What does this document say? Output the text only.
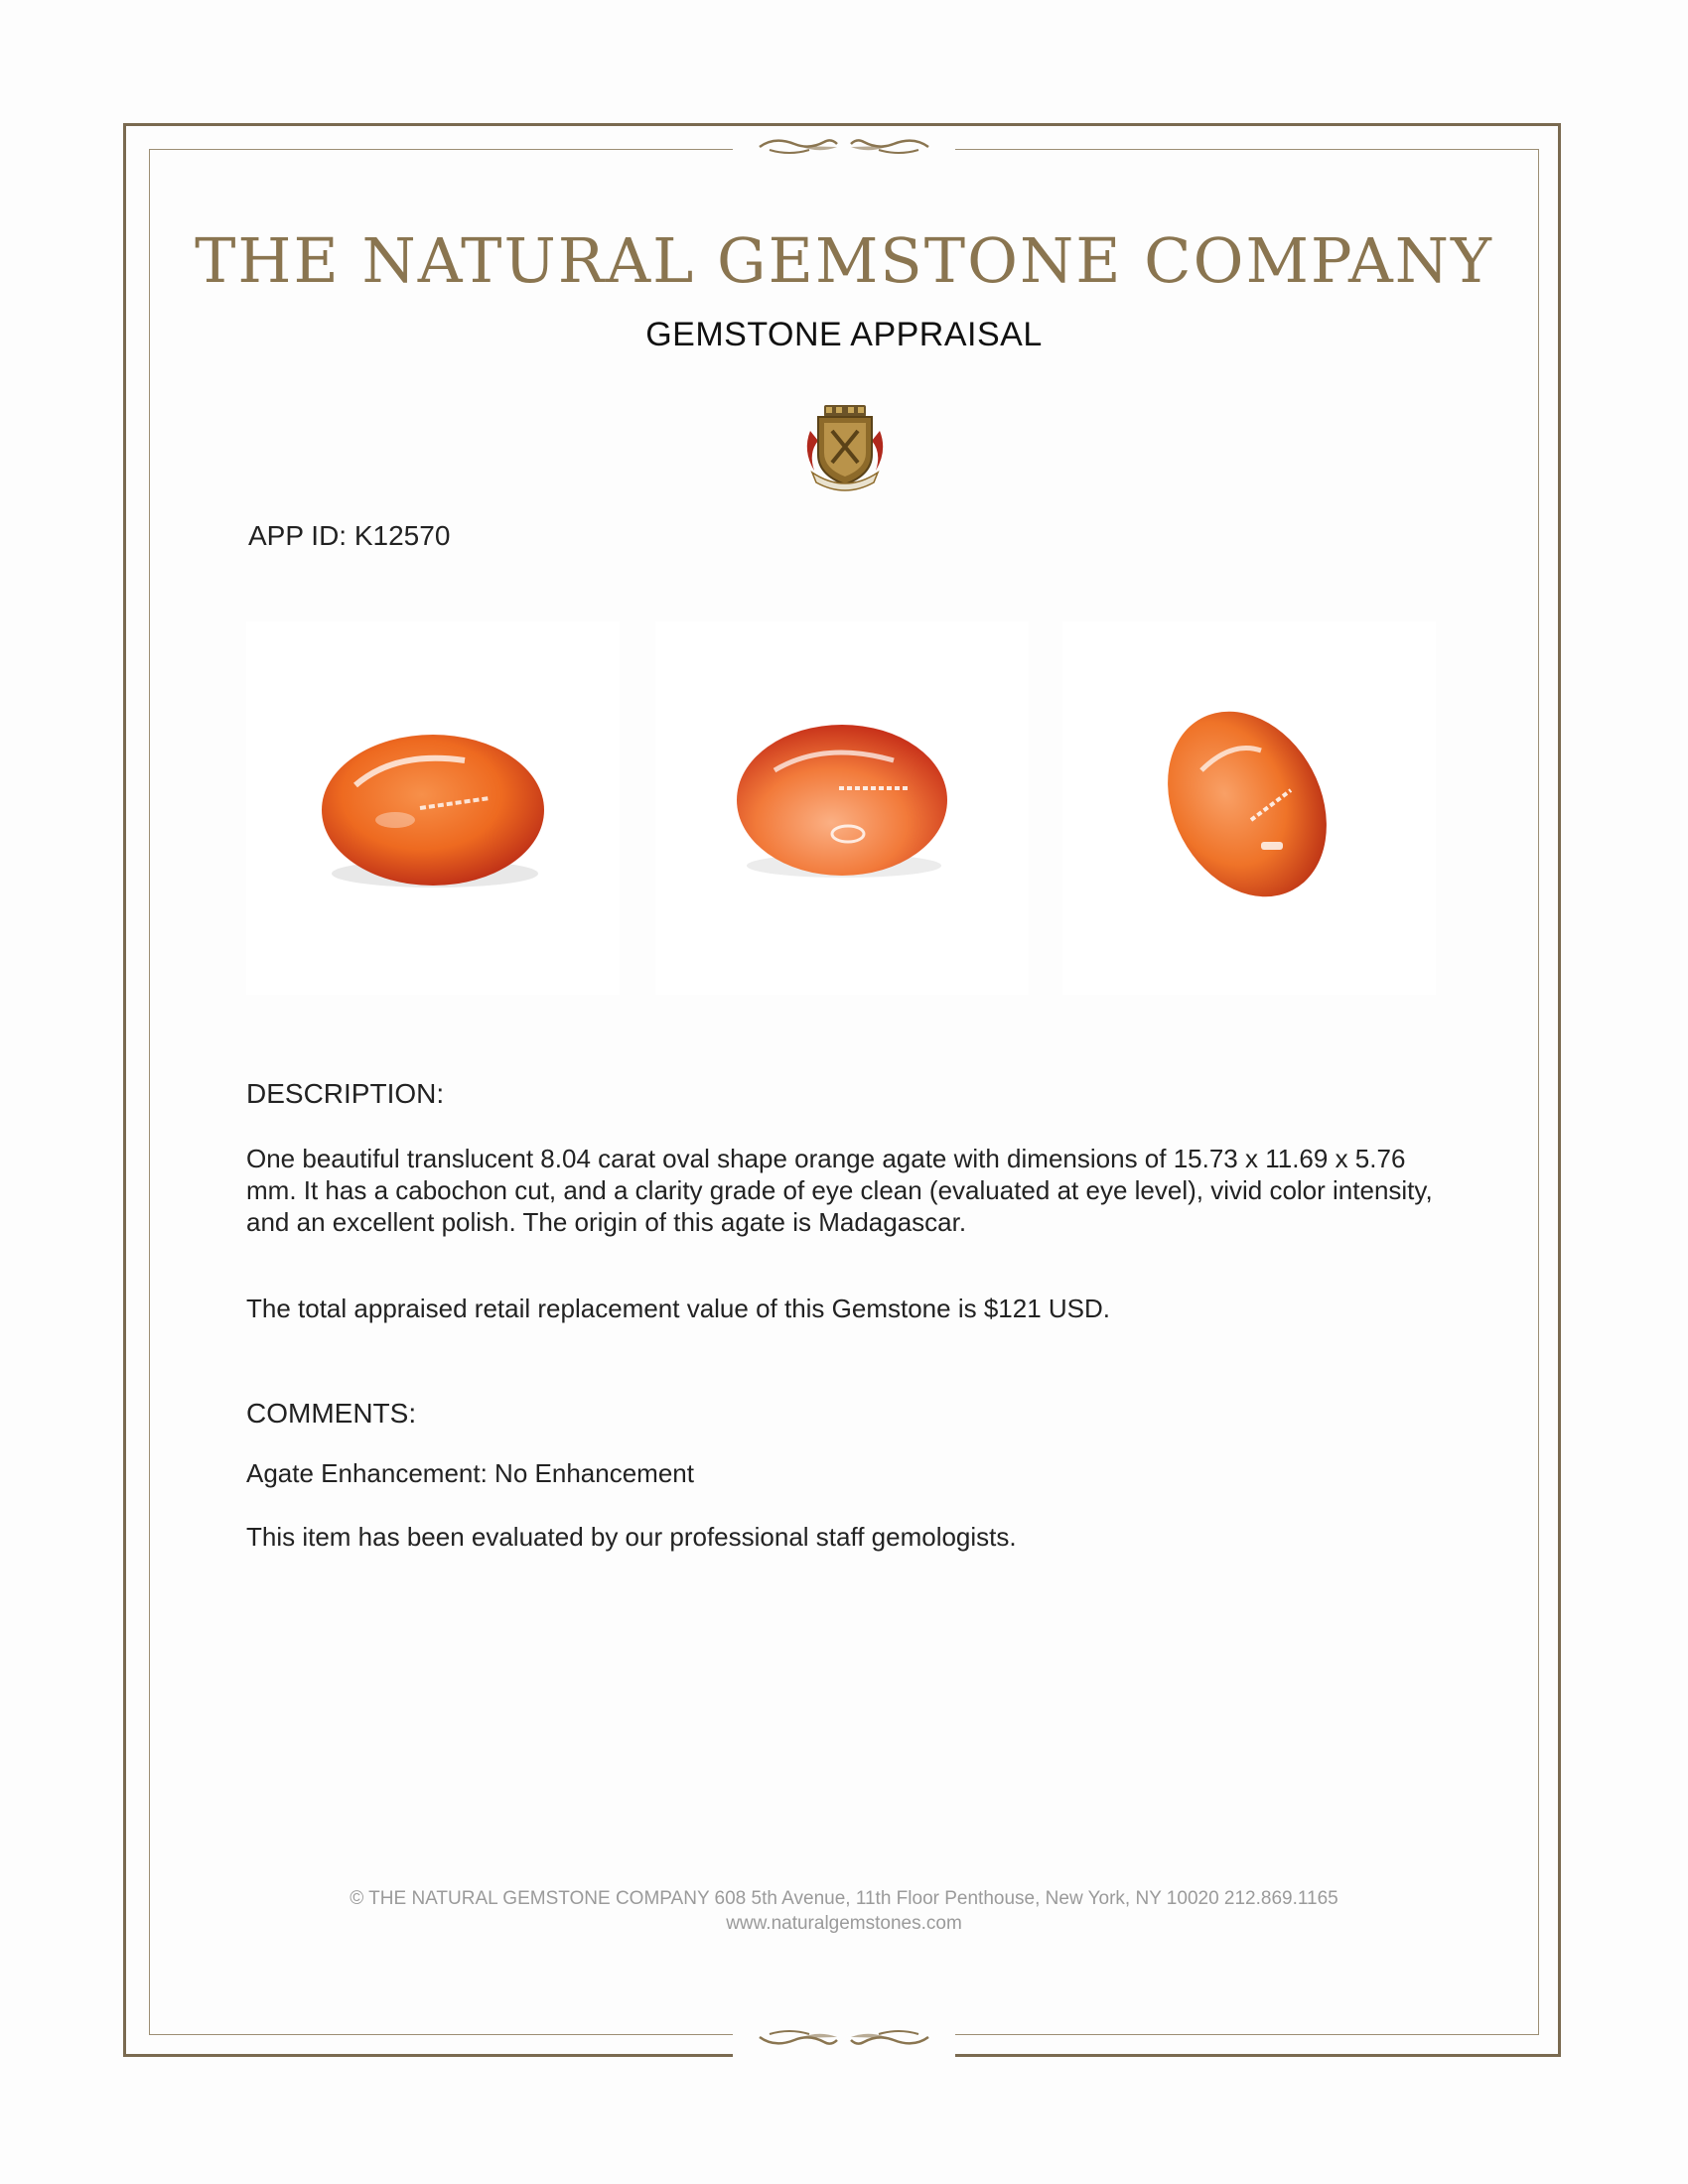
THE NATURAL GEMSTONE COMPANY
GEMSTONE APPRAISAL
APP ID: K12570
DESCRIPTION:
One beautiful translucent 8.04 carat oval shape orange agate with dimensions of 15.73 x 11.69 x 5.76 mm. It has a cabochon cut, and a clarity grade of eye clean (evaluated at eye level), vivid color intensity, and an excellent polish. The origin of this agate is Madagascar.
The total appraised retail replacement value of this Gemstone is $121 USD.
COMMENTS:
Agate Enhancement: No Enhancement
This item has been evaluated by our professional staff gemologists.
© THE NATURAL GEMSTONE COMPANY 608 5th Avenue, 11th Floor Penthouse, New York, NY 10020 212.869.1165
www.naturalgemstones.com
